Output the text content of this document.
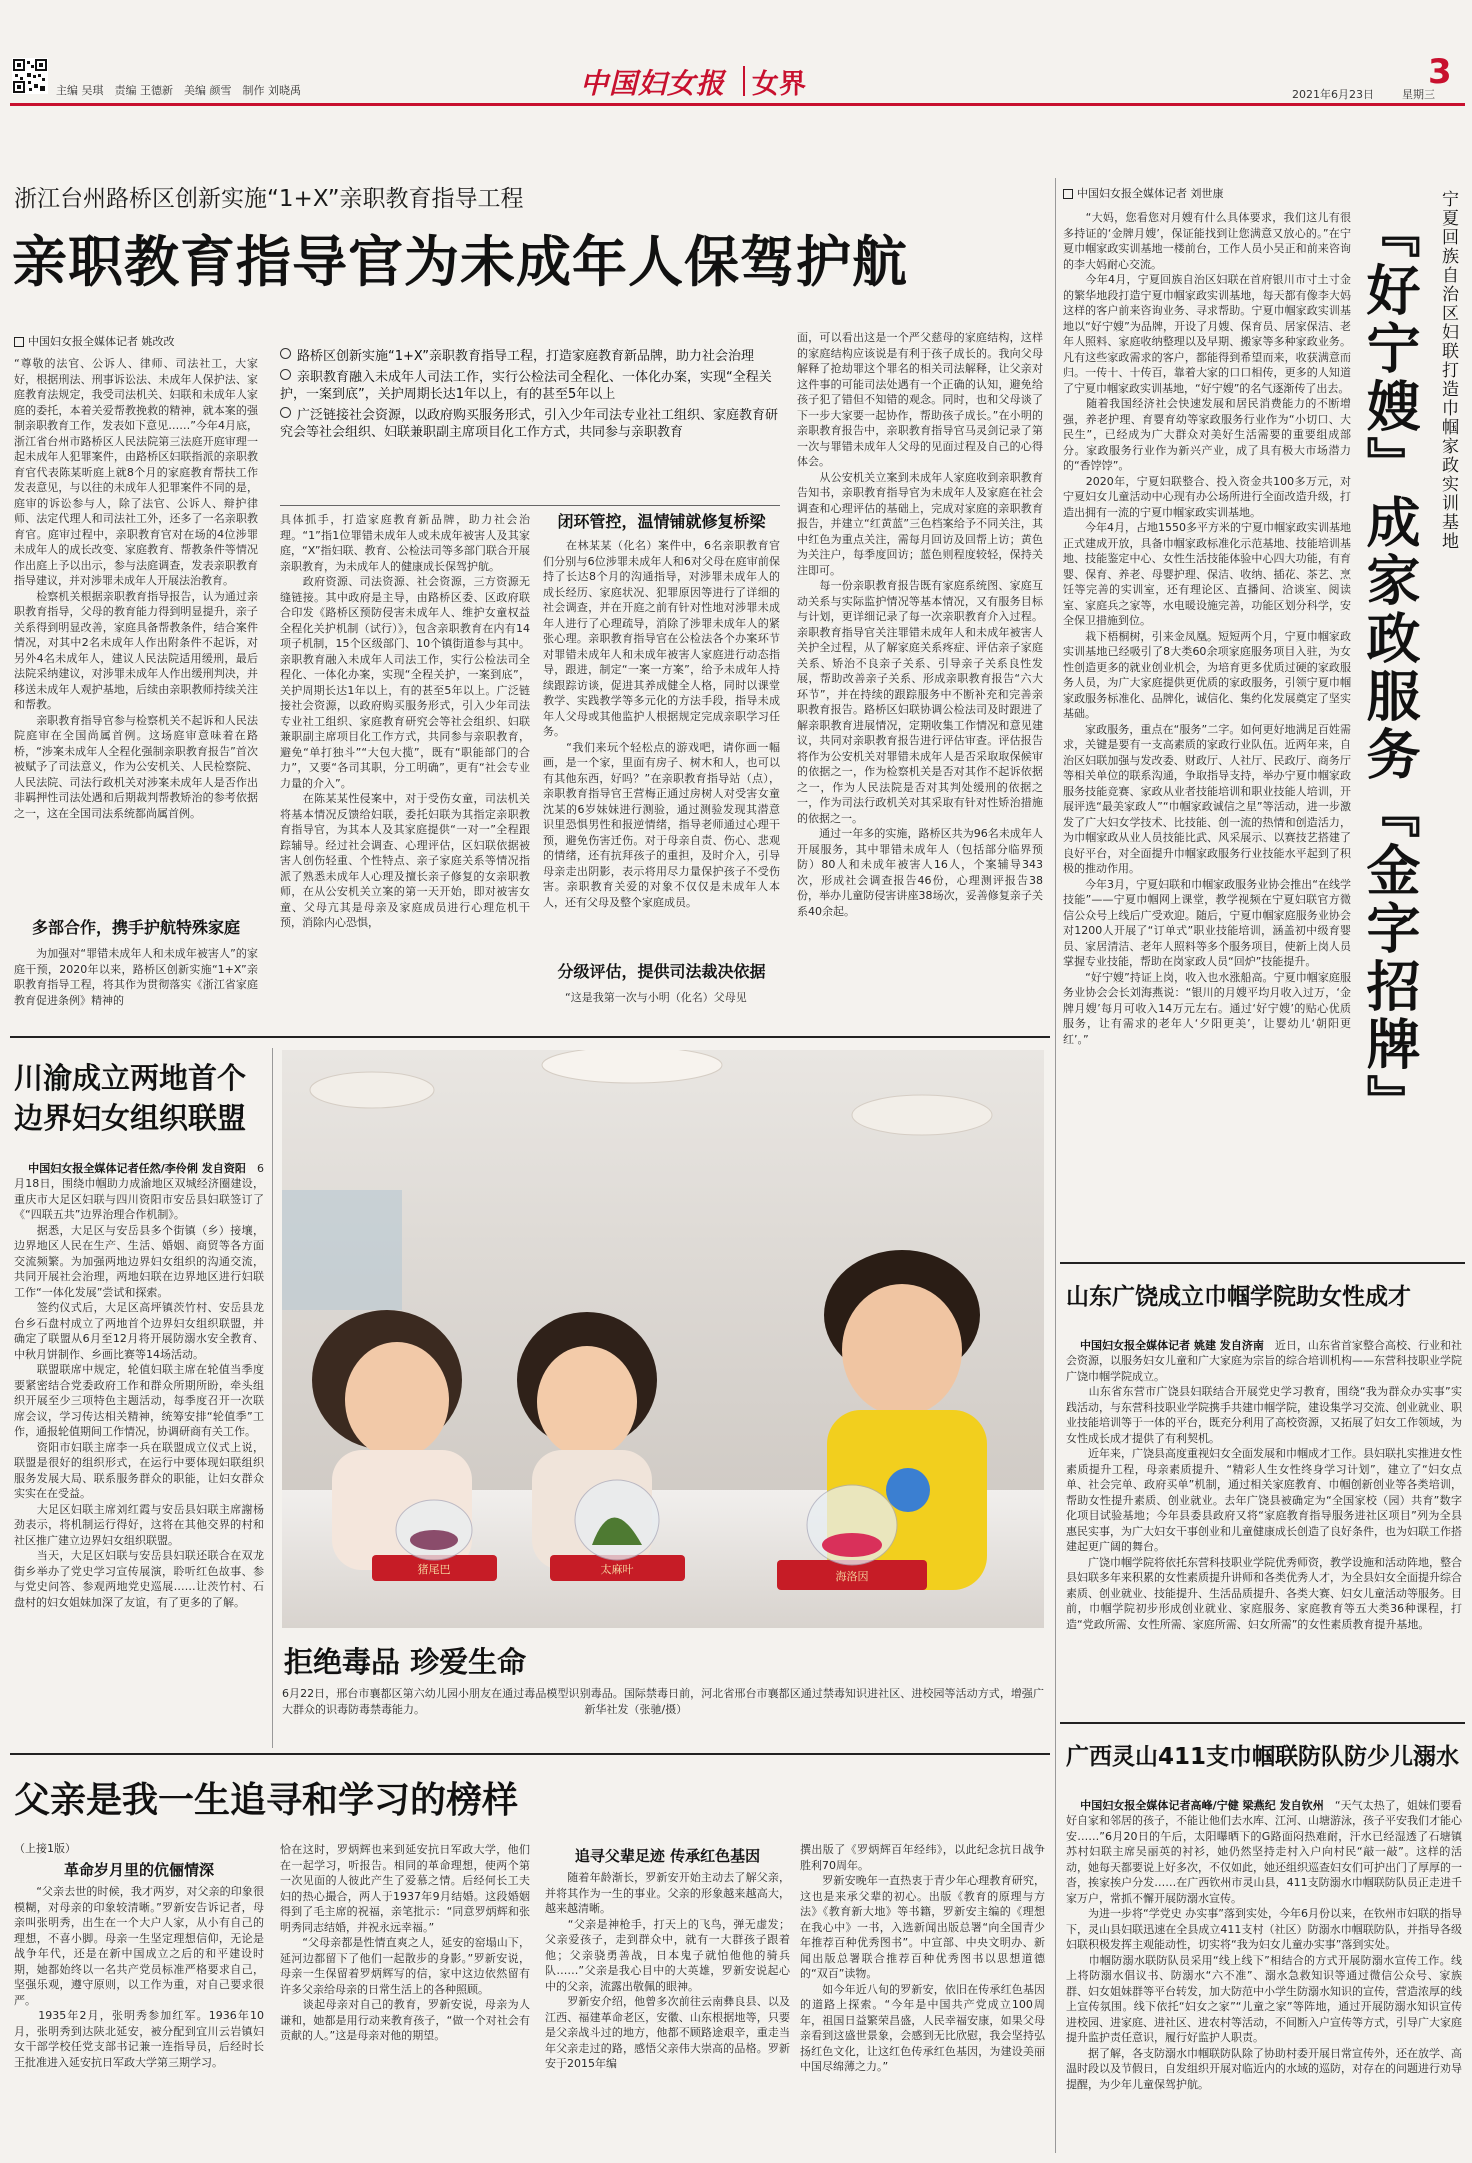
主编 吴琪　责编 王德新　美编 颜雪　制作 刘晓禹	中国妇女报 女界	3
2021年6月23日	星期三
浙江台州路桥区创新实施“1+X”亲职教育指导工程
亲职教育指导官为未成年人保驾护航
中国妇女报全媒体记者 姚改改
“尊敬的法官、公诉人、律师、司法社工，大家好，根据刑法、刑事诉讼法、未成年人保护法、家庭教育法规定，我受司法机关、妇联和未成年人家庭的委托，本着关爱帮教挽救的精神，就本案的强制亲职教育工作，发表如下意见……”今年4月底，浙江省台州市路桥区人民法院第三法庭开庭审理一起未成年人犯罪案件，由路桥区妇联指派的亲职教育官代表陈某昕庭上就8个月的家庭教育帮扶工作发表意见，与以往的未成年人犯罪案件不同的是，庭审的诉讼参与人，除了法官、公诉人、辩护律师、法定代理人和司法社工外，还多了一名亲职教育官。庭审过程中，亲职教育官对在场的4位涉罪未成年人的成长改变、家庭教育、帮教条件等情况作出庭上予以出示，参与法庭调查，发表亲职教育指导建议，并对涉罪未成年人开展法治教育。
　　检察机关根据亲职教育指导报告，认为通过亲职教育指导，父母的教育能力得到明显提升，亲子关系得到明显改善，家庭具备帮教条件，结合案件情况，对其中2名未成年人作出附条件不起诉，对另外4名未成年人，建议人民法院适用缓刑，最后法院采纳建议，对涉罪未成年人作出缓刑判决，并移送未成年人观护基地，后续由亲职教师持续关注和帮教。
　　亲职教育指导官参与检察机关不起诉和人民法院庭审在全国尚属首例。这场庭审意味着在路桥，“涉案未成年人全程化强制亲职教育报告”首次被赋予了司法意义，作为公安机关、人民检察院、人民法院、司法行政机关对涉案未成年人是否作出非羁押性司法处遇和后期裁判帮教矫治的参考依据之一，这在全国司法系统都尚属首例。
多部合作，携手护航特殊家庭
　　为加强对“罪错未成年人和未成年被害人”的家庭干预，2020年以来，路桥区创新实施“1+X”亲职教育指导工程，将其作为贯彻落实《浙江省家庭教育促进条例》精神的
路桥区创新实施“1+X”亲职教育指导工程，打造家庭教育新品牌，助力社会治理
亲职教育融入未成年人司法工作，实行公检法司全程化、一体化办案，实现“全程关护，一案到底”，关护周期长达1年以上，有的甚至5年以上
广泛链接社会资源，以政府购买服务形式，引入少年司法专业社工组织、家庭教育研究会等社会组织、妇联兼职副主席项目化工作方式，共同参与亲职教育
具体抓手，打造家庭教育新品牌，助力社会治理。“1”指1位罪错未成年人或未成年被害人及其家庭，“X”指妇联、教育、公检法司等多部门联合开展亲职教育，为未成年人的健康成长保驾护航。
　　政府资源、司法资源、社会资源，三方资源无缝链接。其中政府是主导，由路桥区委、区政府联合印发《路桥区预防侵害未成年人、维护女童权益全程化关护机制（试行）》，包含亲职教育在内有14项子机制，15个区级部门、10个镇街道参与其中。亲职教育融入未成年人司法工作，实行公检法司全程化、一体化办案，实现“全程关护，一案到底”，关护周期长达1年以上，有的甚至5年以上。广泛链接社会资源，以政府购买服务形式，引入少年司法专业社工组织、家庭教育研究会等社会组织、妇联兼职副主席项目化工作方式，共同参与亲职教育，避免“单打独斗”“大包大揽”，既有“职能部门的合力”，又要“各司其职，分工明确”，更有“社会专业力量的介入”。
　　在陈某某性侵案中，对于受伤女童，司法机关将基本情况反馈给妇联，委托妇联为其指定亲职教育指导官，为其本人及其家庭提供“一对一”全程跟踪辅导。经过社会调查、心理评估，区妇联依据被害人创伤轻重、个性特点、亲子家庭关系等情况指派了熟悉未成年人心理及擅长亲子修复的女亲职教师，在从公安机关立案的第一天开始，即对被害女童、父母亢其是母亲及家庭成员进行心理危机干预，消除内心恐惧，
闭环管控，温情铺就修复桥梁
　　在林某某（化名）案件中，6名亲职教育官们分别与6位涉罪未成年人和6对父母在庭审前保持了长达8个月的沟通指导，对涉罪未成年人的成长经历、家庭状况、犯罪原因等进行了详细的社会调查，并在开庭之前有针对性地对涉罪未成年人进行了心理疏导，消除了涉罪未成年人的紧张心理。亲职教育指导官在公检法各个办案环节对罪错未成年人和未成年被害人家庭进行动态指导，跟进，制定“一案一方案”，给予未成年人持续跟踪访谈，促进其养成健全人格，同时以课堂教学、实践教学等多元化的方法手段，指导未成年人父母或其他监护人根据规定完成亲职学习任务。
　　“我们来玩个轻松点的游戏吧，请你画一幅画，是一个家，里面有房子、树木和人，也可以有其他东西，好吗？”在亲职教育指导站（点），亲职教育指导官王营梅正通过房树人对受害女童沈某的6岁妹妹进行测验，通过测验发现其潜意识里恐惧男性和报逆情绪，指导老师通过心理干预，避免伤害迁伤。对于母亲自责、伤心、悲观的情绪，还有抗拜孩子的重担，及时介入，引导母亲走出阴影，表示将用尽力量保护孩子不受伤害。亲职教育关爱的对象不仅仅是未成年人本人，还有父母及整个家庭成员。
分级评估，提供司法裁决依据
　　“这是我第一次与小明（化名）父母见
面，可以看出这是一个严父慈母的家庭结构，这样的家庭结构应该说是有利于孩子成长的。我向父母解释了抢劫罪这个罪名的相关司法解释，让父亲对这件事的可能司法处遇有一个正确的认知，避免给孩子犯了错但不知错的观念。同时，也和父母谈了下一步大家要一起协作，帮助孩子成长。”在小明的亲职教育报告中，亲职教育指导官马灵剑记录了第一次与罪错未成年人父母的见面过程及自己的心得体会。
　　从公安机关立案到未成年人家庭收到亲职教育告知书，亲职教育指导官为未成年人及家庭在社会调查和心理评估的基础上，完成对家庭的亲职教育报告，并建立“红黄蓝”三色档案给予不同关注，其中红色为重点关注，需每月回访及回帮上访；黄色为关注户，每季度回访；蓝色则程度较轻，保持关注即可。
　　每一份亲职教育报告既有家庭系统图、家庭互动关系与实际监护情况等基本情况，又有服务目标与计划，更详细记录了每一次亲职教育介入过程。亲职教育指导官关注罪错未成年人和未成年被害人关护全过程，从了解家庭关系疼症、评估亲子家庭关系、矫治不良亲子关系、引导亲子关系良性发展，帮助改善亲子关系、形成亲职教育报告“六大环节”，并在持续的跟踪服务中不断补充和完善亲职教育报告。路桥区妇联协调公检法司及时跟进了解亲职教育进展情况，定期收集工作情况和意见建议，共同对亲职教育报告进行评估审查。评估报告将作为公安机关对罪错未成年人是否采取取保候审的依据之一，作为检察机关是否对其作不起诉依据之一，作为人民法院是否对其判处缓刑的依据之一，作为司法行政机关对其采取有针对性矫治措施的依据之一。
　　通过一年多的实施，路桥区共为96名未成年人开展服务，其中罪错未成年人（包括部分临界预防）80人和未成年被害人16人，个案辅导343次，形成社会调查报告46份，心理测评报告38份，举办儿童防侵害讲座38场次，妥善修复亲子关系40余起。
中国妇女报全媒体记者 刘世康	宁夏回族自治区妇联打造巾帼家政实训基地
『好宁嫂』成家政服务『金字招牌』
　　“大妈，您看您对月嫂有什么具体要求，我们这儿有很多持证的‘金牌月嫂’，保证能找到让您满意又放心的。”在宁夏巾帼家政实训基地一楼前台，工作人员小吴正和前来咨询的李大妈耐心交流。
　　今年4月，宁夏回族自治区妇联在首府银川市寸土寸金的繁华地段打造宁夏巾帼家政实训基地，每天都有像李大妈这样的客户前来咨询业务、寻求帮助。宁夏巾帼家政实训基地以“好宁嫂”为品牌，开设了月嫂、保育员、居家保洁、老年人照料、家庭收纳整理以及早期、搬家等多种家政业务。凡有这些家政需求的客户，都能得到希望而来，收获满意而归。一传十、十传百，靠着大家的口口相传，更多的人知道了宁夏巾帼家政实训基地，“好宁嫂”的名气逐渐传了出去。
　　随着我国经济社会快速发展和居民消费能力的不断增强，养老护理、育婴育幼等家政服务行业作为“小切口、大民生”，已经成为广大群众对美好生活需要的重要组成部分。家政服务行业作为新兴产业，成了具有极大市场潜力的“香饽饽”。
　　2020年，宁夏妇联整合、投入资金共100多万元，对宁夏妇女儿童活动中心现有办公场所进行全面改造升级，打造出拥有一流的宁夏巾帼家政实训基地。
　　今年4月，占地1550多平方米的宁夏巾帼家政实训基地正式建成开放，具备巾帼家政标准化示范基地、技能培训基地、技能鉴定中心、女性生活技能体验中心四大功能，有育婴、保育、养老、母婴护理、保洁、收纳、插花、茶艺、烹饪等完善的实训室，还有理论区、直播间、洽谈室、阅读室、家庭兵之家等，水电暖设施完善，功能区划分科学，安全保卫措施到位。
　　栽下梧桐树，引来金凤凰。短短两个月，宁夏巾帼家政实训基地已经吸引了8大类60余项家庭服务项目入驻，为女性创造更多的就业创业机会，为培育更多优质过硬的家政服务人员，为广大家庭提供更优质的家政服务，引领宁夏巾帼家政服务标准化、品牌化，诚信化、集约化发展奠定了坚实基础。
　　家政服务，重点在“服务”二字。如何更好地满足百姓需求，关键是要有一支高素质的家政行业队伍。近两年来，自治区妇联加强与发改委、财政厅、人社厅、民政厅、商务厅等相关单位的联系沟通，争取指导支持，举办宁夏巾帼家政服务技能竞赛、家政从业者技能培训和职业技能人培训，开展评选“最美家政人”“巾帼家政诚信之星”等活动，进一步激发了广大妇女学技术、比技能、创一流的热情和创造活力，为巾帼家政从业人员技能比武、风采展示、以赛技艺搭建了良好平台，对全面提升巾帼家政服务行业技能水平起到了积极的推动作用。
　　今年3月，宁夏妇联和巾帼家政服务业协会推出“在线学技能”——宁夏巾帼网上课堂，教学视频在宁夏妇联官方微信公众号上线后广受欢迎。随后，宁夏巾帼家庭服务业协会对1200人开展了“订单式”职业技能培训，涵盖初中级育婴员、家居清洁、老年人照料等多个服务项目，使新上岗人员掌握专业技能，帮助在岗家政人员“回炉”技能提升。
　　“好宁嫂”持证上岗，收入也水涨船高。宁夏巾帼家庭服务业协会会长刘海燕说：“银川的月嫂平均月收入过万，‘金牌月嫂’每月可收入14万元左右。通过‘好宁嫂’的贴心优质服务，让有需求的老年人‘夕阳更美’，让婴幼儿‘朝阳更红’。”
山东广饶成立巾帼学院助女性成才

中国妇女报全媒体记者 姚建 发自济南　 近日，山东省首家整合高校、行业和社会资源，以服务妇女儿童和广大家庭为宗旨的综合培训机构——东营科技职业学院广饶巾帼学院成立。
　　山东省东营市广饶县妇联结合开展党史学习教育，围绕“我为群众办实事”实践活动，与东营科技职业学院携手共建巾帼学院，建设集学习交流、创业就业、职业技能培训等于一体的平台，既充分利用了高校资源，又拓展了妇女工作领域，为女性成长成才提供了有利契机。
　　近年来，广饶县高度重视妇女全面发展和巾帼成才工作。县妇联扎实推进女性素质提升工程，母亲素质提升、“精彩人生女性终身学习计划”，建立了“妇女点单、社会完单、政府买单”机制，通过相关家庭教育、巾帼创新创业等各类培训，帮助女性提升素质、创业就业。去年广饶县被确定为“全国家校（园）共育”数字化项目试验基地；今年县委县政府又将“家庭教育指导服务进社区项目”列为全县惠民实事，为广大妇女干事创业和儿童健康成长创造了良好条件，也为妇联工作搭建起更广阔的舞台。
　　广饶巾帼学院将依托东营科技职业学院优秀师资，教学设施和活动阵地，整合县妇联多年来积累的女性素质提升讲师和各类优秀人才，为全县妇女全面提升综合素质、创业就业、技能提升、生活品质提升、各类大赛、妇女儿童活动等服务。目前，巾帼学院初步形成创业就业、家庭服务、家庭教育等五大类36种课程，打造“党政所需、女性所需、家庭所需、妇女所需”的女性素质教育提升基地。

广西灵山411支巾帼联防队防少儿溺水

中国妇女报全媒体记者高峰/宁健 梁燕纪 发自钦州　 “天气太热了，姐妹们要看好自家和邻居的孩子，不能让他们去水库、江河、山塘游泳，孩子平安我们才能心安……”6月20日的午后，太阳曝晒下的G路面闷热难耐，汗水已经湿透了石塘镇苏村妇联主席吴丽英的衬衫，她仍然坚持走村入户向村民“敲一敲”。这样的活动，她每天都要说上好多次，不仅如此，她还组织巡查妇女们可护出门了厚厚的一沓，挨家挨户分发……在广西钦州市灵山县，411支防溺水巾帼联防队员正走进千家万户，常抓不懈开展防溺水宣传。
　　为进一步将“学党史 办实事”落到实处，今年6月份以来，在钦州市妇联的指导下，灵山县妇联迅速在全县成立411支村（社区）防溺水巾帼联防队，并指导各级妇联积极发挥主观能动性，切实将“我为妇女儿童办实事”落到实处。
　　巾帼防溺水联防队员采用“线上线下”相结合的方式开展防溺水宣传工作。线上将防溺水倡议书、防溺水“六不准”、溺水急救知识等通过微信公众号、家族群、妇女姐妹群等平台转发，加大防范中小学生防溺水知识的宣传，营造浓厚的线上宣传氛围。线下依托“妇女之家”“儿童之家”等阵地，通过开展防溺水知识宣传进校园、进家庭、进社区、进农村等活动，不间断入户宣传等方式，引导广大家庭提升监护责任意识，履行好监护人职责。
　　据了解，各支防溺水巾帼联防队除了协助村委开展日常宣传外，还在放学、高温时段以及节假日，自发组织开展对临近内的水域的巡防，对存在的问题进行劝导提醒，为少年儿童保驾护航。

川渝成立两地首个边界妇女组织联盟

中国妇女报全媒体记者任然/李伶俐 发自资阳　 6月18日，围绕巾帼助力成渝地区双城经济圈建设，重庆市大足区妇联与四川资阳市安岳县妇联签订了《“四联五共”边界治理合作机制》。
　　据悉，大足区与安岳县多个街镇（乡）接壤，边界地区人民在生产、生活、婚姻、商贸等各方面交流频繁。为加强两地边界妇女组织的沟通交流，共同开展社会治理，两地妇联在边界地区进行妇联工作“一体化发展”尝试和探索。
　　签约仪式后，大足区高坪镇茨竹村、安岳县龙台乡石盘村成立了两地首个边界妇女组织联盟，并确定了联盟从6月至12月将开展防溺水安全教育、中秋月饼制作、乡画比赛等14场活动。
　　联盟联席中规定，轮值妇联主席在轮值当季度要紧密结合党委政府工作和群众所期所盼，牵头组织开展至少三项特色主题活动，每季度召开一次联席会议，学习传达相关精神，统筹安排“轮值季”工作，通报轮值期间工作情况，协调研商有关工作。
　　资阳市妇联主席李一兵在联盟成立仪式上说，联盟是很好的组织形式，在运行中要体现妇联组织服务发展大局、联系服务群众的职能，让妇女群众实实在在受益。
　　大足区妇联主席刘红霞与安岳县妇联主席謝杨劲表示，将机制运行得好，这将在其他交界的村和社区推广建立边界妇女组织联盟。
　　当天，大足区妇联与安岳县妇联还联合在双龙街乡举办了党史学习宣传展演，聆听红色故事、参与党史问答、参观两地党史巡展……让茨竹村、石盘村的妇女姐妹加深了友谊，有了更多的了解。

猪尾巴	太麻叶
海洛因
拒绝毒品 珍爱生命
6月22日，邢台市襄都区第六幼儿园小朋友在通过毒品模型识别毒品。国际禁毒日前，河北省邢台市襄都区通过禁毒知识进社区、进校园等活动方式，增强广大群众的识毒防毒禁毒能力。　　　　　　　　　　　　　　　新华社发（张驰/摄）
父亲是我一生追寻和学习的榜样
（上接1版）
革命岁月里的伉俪情深
　　“父亲去世的时候，我才两岁，对父亲的印象很模糊，对母亲的印象较清晰。”罗新安告诉记者，母亲叫张明秀，出生在一个大户人家，从小有自己的理想，不喜小脚。母亲一生坚定理想信仰，无论是战争年代，还是在新中国成立之后的和平建设时期，她都始终以一名共产党员标准严格要求自己，坚强乐观，遵守原则，以工作为重，对自己要求很严。
　　1935年2月，张明秀参加红军。1936年10月，张明秀到达陕北延安，被分配到宜川云岩镇妇女干部学校任党支部书记兼一连指导员，后经时长王批准进入延安抗日军政大学第三期学习。
恰在这时，罗炳辉也来到延安抗日军政大学，他们在一起学习，听报告。相同的革命理想，使两个第一次见面的人彼此产生了爱慕之情。后经何长工夫妇的热心撮合，两人于1937年9月结婚。这段婚姻得到了毛主席的祝福，亲笔批示：“同意罗炳辉和张明秀同志结婚，并祝永远幸福。”
　　“父母亲都是性情直爽之人，延安的窑塌山下，延河边都留下了他们一起散步的身影。”罗新安说，母亲一生保留着罗炳辉写的信，家中这边依然留有许多父亲给母亲的日常生活上的各种照顾。
　　谈起母亲对自己的教育，罗新安说，母亲为人谦和，她都是用行动来教育孩子，“做一个对社会有贡献的人。”这是母亲对他的期望。
追寻父辈足迹 传承红色基因
　　随着年龄渐长，罗新安开始主动去了解父亲，并将其作为一生的事业。父亲的形象越来越高大，越来越清晰。
　　“父亲是神枪手，打天上的飞鸟，弹无虚发；父亲爱孩子，走到群众中，就有一大群孩子跟着他；父亲骁勇善战，日本鬼子就怕他他的骑兵队……”父亲是我心目中的大英雄，罗新安说起心中的父亲，流露出敬佩的眼神。
　　罗新安介绍，他曾多次前往云南彝良县、以及江西、福建革命老区，安徽、山东根据地等，只要是父亲战斗过的地方，他都不顾路途艰辛，重走当年父亲走过的路，感悟父亲伟大崇高的品格。罗新安于2015年编
撰出版了《罗炳辉百年经纬》，以此纪念抗日战争胜利70周年。
　　罗新安晚年一直热衷于青少年心理教育研究，这也是来承父辈的初心。出版《教育的原理与方法》《教育新大地》等书籍，罗新安主编的《理想在我心中》一书，入选新闻出版总署“向全国青少年推荐百种优秀图书”。中宣部、中央文明办、新闻出版总署联合推荐百种优秀图书以思想道德的“双百”读物。
　　如今年近八旬的罗新安，依旧在传承红色基因的道路上探索。“今年是中国共产党成立100周年，祖国日益繁荣昌盛，人民幸福安康，如果父母亲看到这盛世景象，会感到无比欣慰，我会坚持弘扬红色文化，让这红色传承红色基因，为建设美丽中国尽绵薄之力。”
